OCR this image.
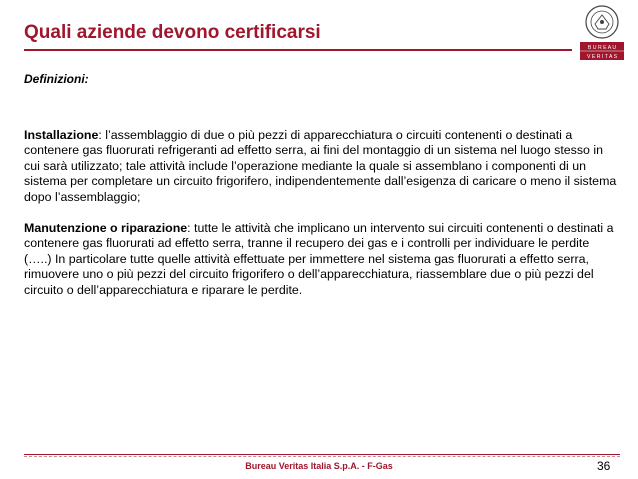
Quali aziende devono certificarsi
B U R E A U
V E R I T A S
Definizioni:

Installazione: l’assemblaggio di due o più pezzi di apparecchiatura o circuiti contenenti o destinati a contenere gas fluorurati refrigeranti ad effetto serra, ai fini del montaggio di un sistema nel luogo stesso in cui sarà utilizzato; tale attività include l’operazione mediante la quale si assemblano i componenti di un sistema per completare un circuito frigorifero, indipendentemente dall’esigenza di caricare o meno il sistema dopo l’assemblaggio;

Manutenzione o riparazione: tutte le attività che implicano un intervento sui circuiti contenenti o destinati a contenere gas fluorurati ad effetto serra, tranne il recupero dei gas e i controlli per individuare le perdite (…..) In particolare tutte quelle attività effettuate per immettere nel sistema gas fluorurati a effetto serra, rimuovere uno o più pezzi del circuito frigorifero o dell’apparecchiatura, riassemblare due o più pezzi del circuito o dell’apparecchiatura e riparare le perdite.

Bureau Veritas Italia S.p.A. - F-Gas	36
